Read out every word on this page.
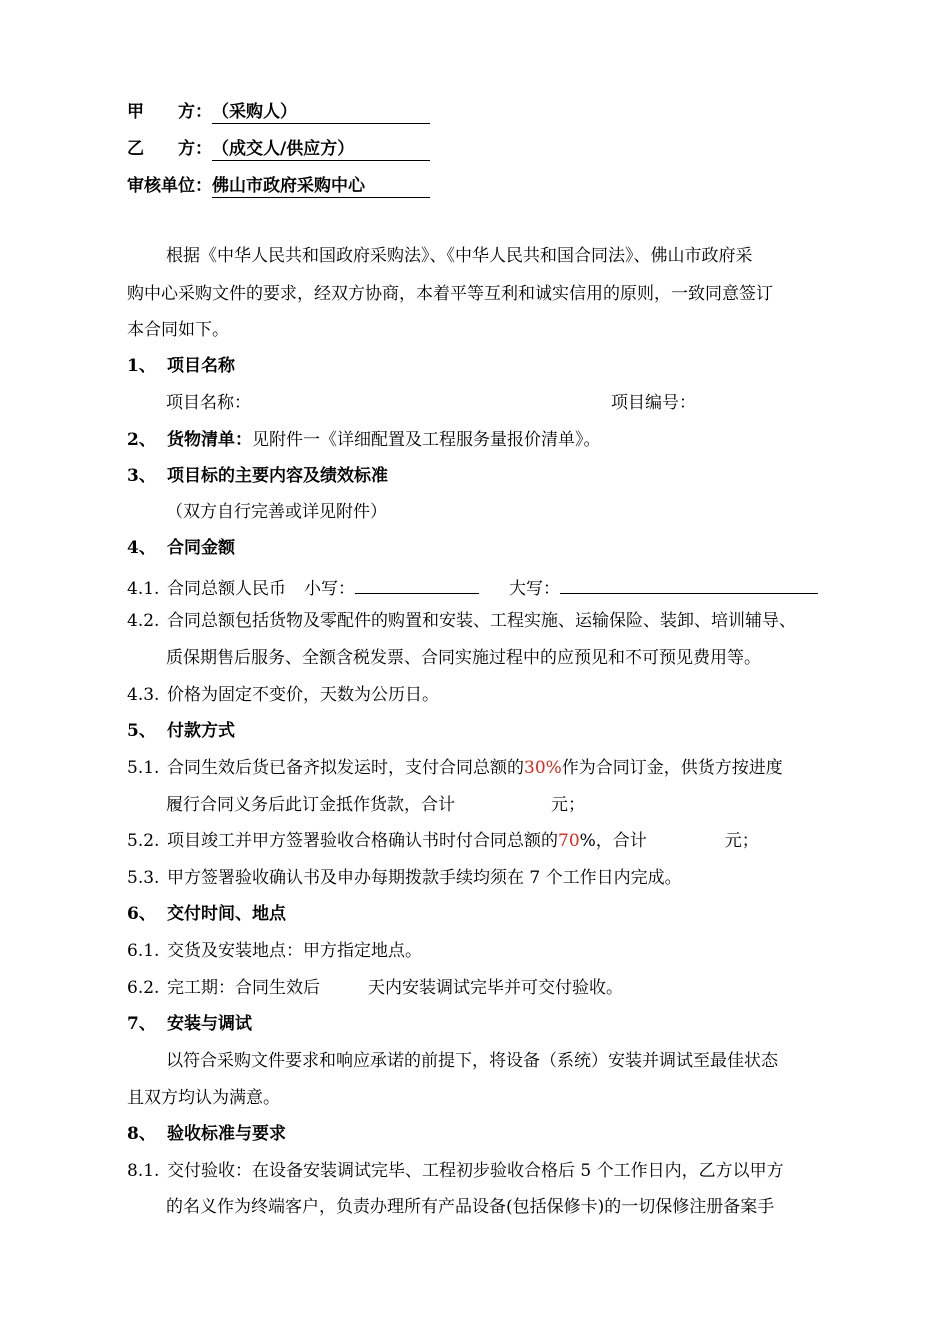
甲　　方：（采购人）
乙　　方：（成交人/供应方）
审核单位：佛山市政府采购中心
根据《中华人民共和国政府采购法》、《中华人民共和国合同法》、佛山市政府采
购中心采购文件的要求，经双方协商，本着平等互利和诚实信用的原则，一致同意签订
本合同如下。
1、 项目名称
项目名称：	项目编号：
2、 货物清单：见附件一《详细配置及工程服务量报价清单》。
3、 项目标的主要内容及绩效标准
（双方自行完善或详见附件）
4、 合同金额
4.1. 合同总额人民币 小写：	大写：
4.2. 合同总额包括货物及零配件的购置和安装、工程实施、运输保险、装卸、培训辅导、
质保期售后服务、全额含税发票、合同实施过程中的应预见和不可预见费用等。
4.3. 价格为固定不变价，天数为公历日。
5、 付款方式
5.1. 合同生效后货已备齐拟发运时，支付合同总额的30%作为合同订金，供货方按进度
履行合同义务后此订金抵作货款，合计	元；
5.2. 项目竣工并甲方签署验收合格确认书时付合同总额的70%，合计	元；
5.3. 甲方签署验收确认书及申办每期拨款手续均须在 7 个工作日内完成。
6、 交付时间、地点
6.1. 交货及安装地点：甲方指定地点。
6.2. 完工期：合同生效后	天内安装调试完毕并可交付验收。
7、 安装与调试
以符合采购文件要求和响应承诺的前提下，将设备（系统）安装并调试至最佳状态
且双方均认为满意。
8、 验收标准与要求
8.1. 交付验收：在设备安装调试完毕、工程初步验收合格后 5 个工作日内，乙方以甲方
的名义作为终端客户，负责办理所有产品设备(包括保修卡)的一切保修注册备案手
